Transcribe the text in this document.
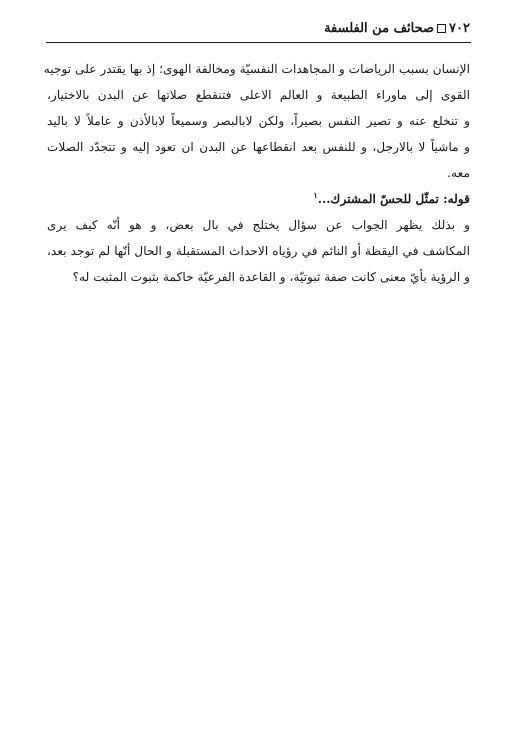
٧٠٢
صحائف من الفلسفة
الإنسان بسبب الرياضات و المجاهدات النفسيّة ومخالفة الهوى؛ إذ بها يقتدر على توجيه
القوى إلى ماوراء الطبيعة و العالم الاعلى فتنقطع صلاتها عن البدن بالاختيار،
و تنخلع عنه و تصير النفس بصيراً، ولكن لابالبصر وسميعاً لابالأذن و عاملاً لا باليد
و ماشياً لا بالارجل، و للنفس بعد انقطاعها عن البدن ان تعود إليه و تتجدّد الصلات
معه.
قوله: تمثّل للحسّ المشترك...$^١$
و بذلك يظهر الجواب عن سؤال يختلج في بال بعض، و هو أنّه كيف يرى
المكاشف في اليقظة أو النائم في رؤياه الاحداث المستقبلة و الحال أنّها لم توجد بعد،
و الرؤية بأيّ معنى كانت صفة ثبوتيّة، و القاعدة الفرعيّة حاكمة بثبوت المثبت له؟
